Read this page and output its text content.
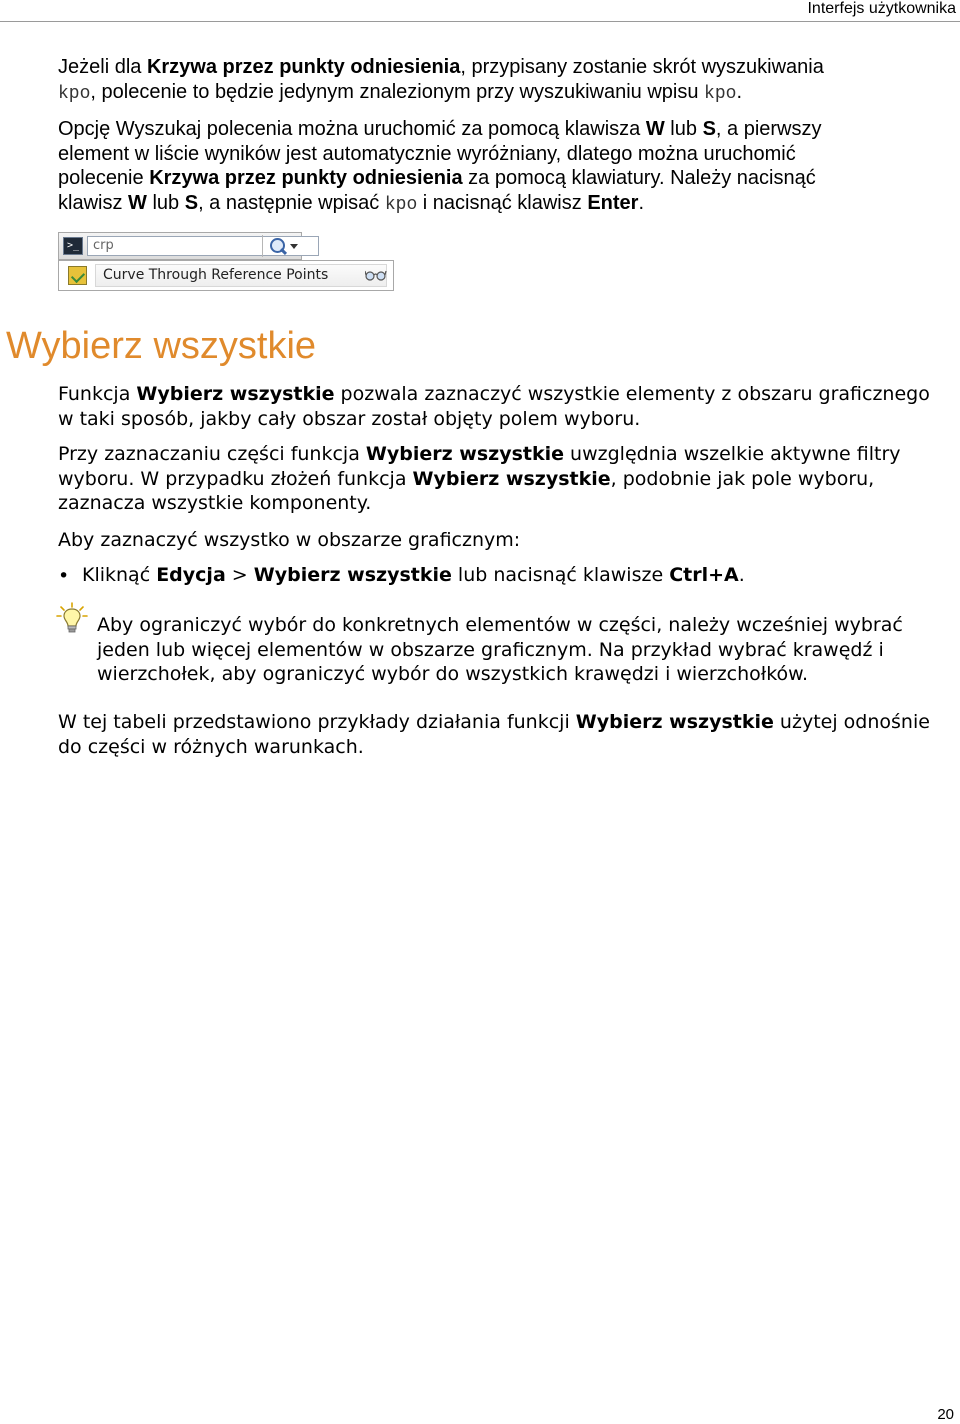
Interfejs użytkownika
Jeżeli dla Krzywa przez punkty odniesienia, przypisany zostanie skrót wyszukiwania
kpo, polecenie to będzie jedynym znalezionym przy wyszukiwaniu wpisu kpo.
Opcję Wyszukaj polecenia można uruchomić za pomocą klawisza W lub S, a pierwszy
element w liście wyników jest automatycznie wyróżniany, dlatego można uruchomić
polecenie Krzywa przez punkty odniesienia za pomocą klawiatury. Należy nacisnąć
klawisz W lub S, a następnie wpisać kpo i nacisnąć klawisz Enter.
>_	crp
Curve Through Reference Points
Wybierz wszystkie
Funkcja Wybierz wszystkie pozwala zaznaczyć wszystkie elementy z obszaru graficznego
w taki sposób, jakby cały obszar został objęty polem wyboru.
Przy zaznaczaniu części funkcja Wybierz wszystkie uwzględnia wszelkie aktywne filtry
wyboru. W przypadku złożeń funkcja Wybierz wszystkie, podobnie jak pole wyboru,
zaznacza wszystkie komponenty.
Aby zaznaczyć wszystko w obszarze graficznym:
• Kliknąć Edycja > Wybierz wszystkie lub nacisnąć klawisze Ctrl+A.
Aby ograniczyć wybór do konkretnych elementów w części, należy wcześniej wybrać
jeden lub więcej elementów w obszarze graficznym. Na przykład wybrać krawędź i
wierzchołek, aby ograniczyć wybór do wszystkich krawędzi i wierzchołków.
W tej tabeli przedstawiono przykłady działania funkcji Wybierz wszystkie użytej odnośnie
do części w różnych warunkach.
20
